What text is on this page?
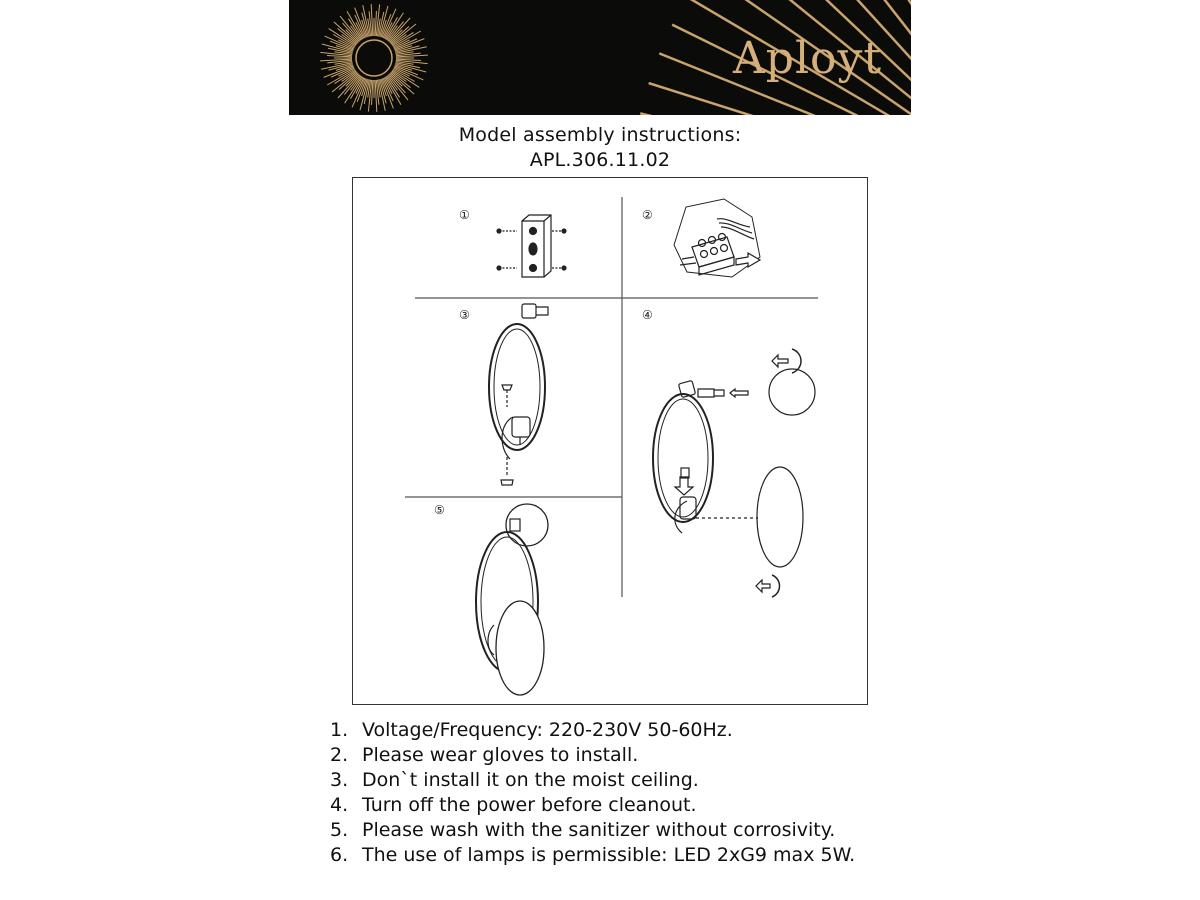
Aployt
Model assembly instructions:
APL.306.11.02
①	②
③	④
⑤
1. Voltage/Frequency: 220-230V 50-60Hz.
2. Please wear gloves to install.
3. Don`t install it on the moist ceiling.
4. Turn off the power before cleanout.
5. Please wash with the sanitizer without corrosivity.
6. The use of lamps is permissible: LED 2xG9 max 5W.
